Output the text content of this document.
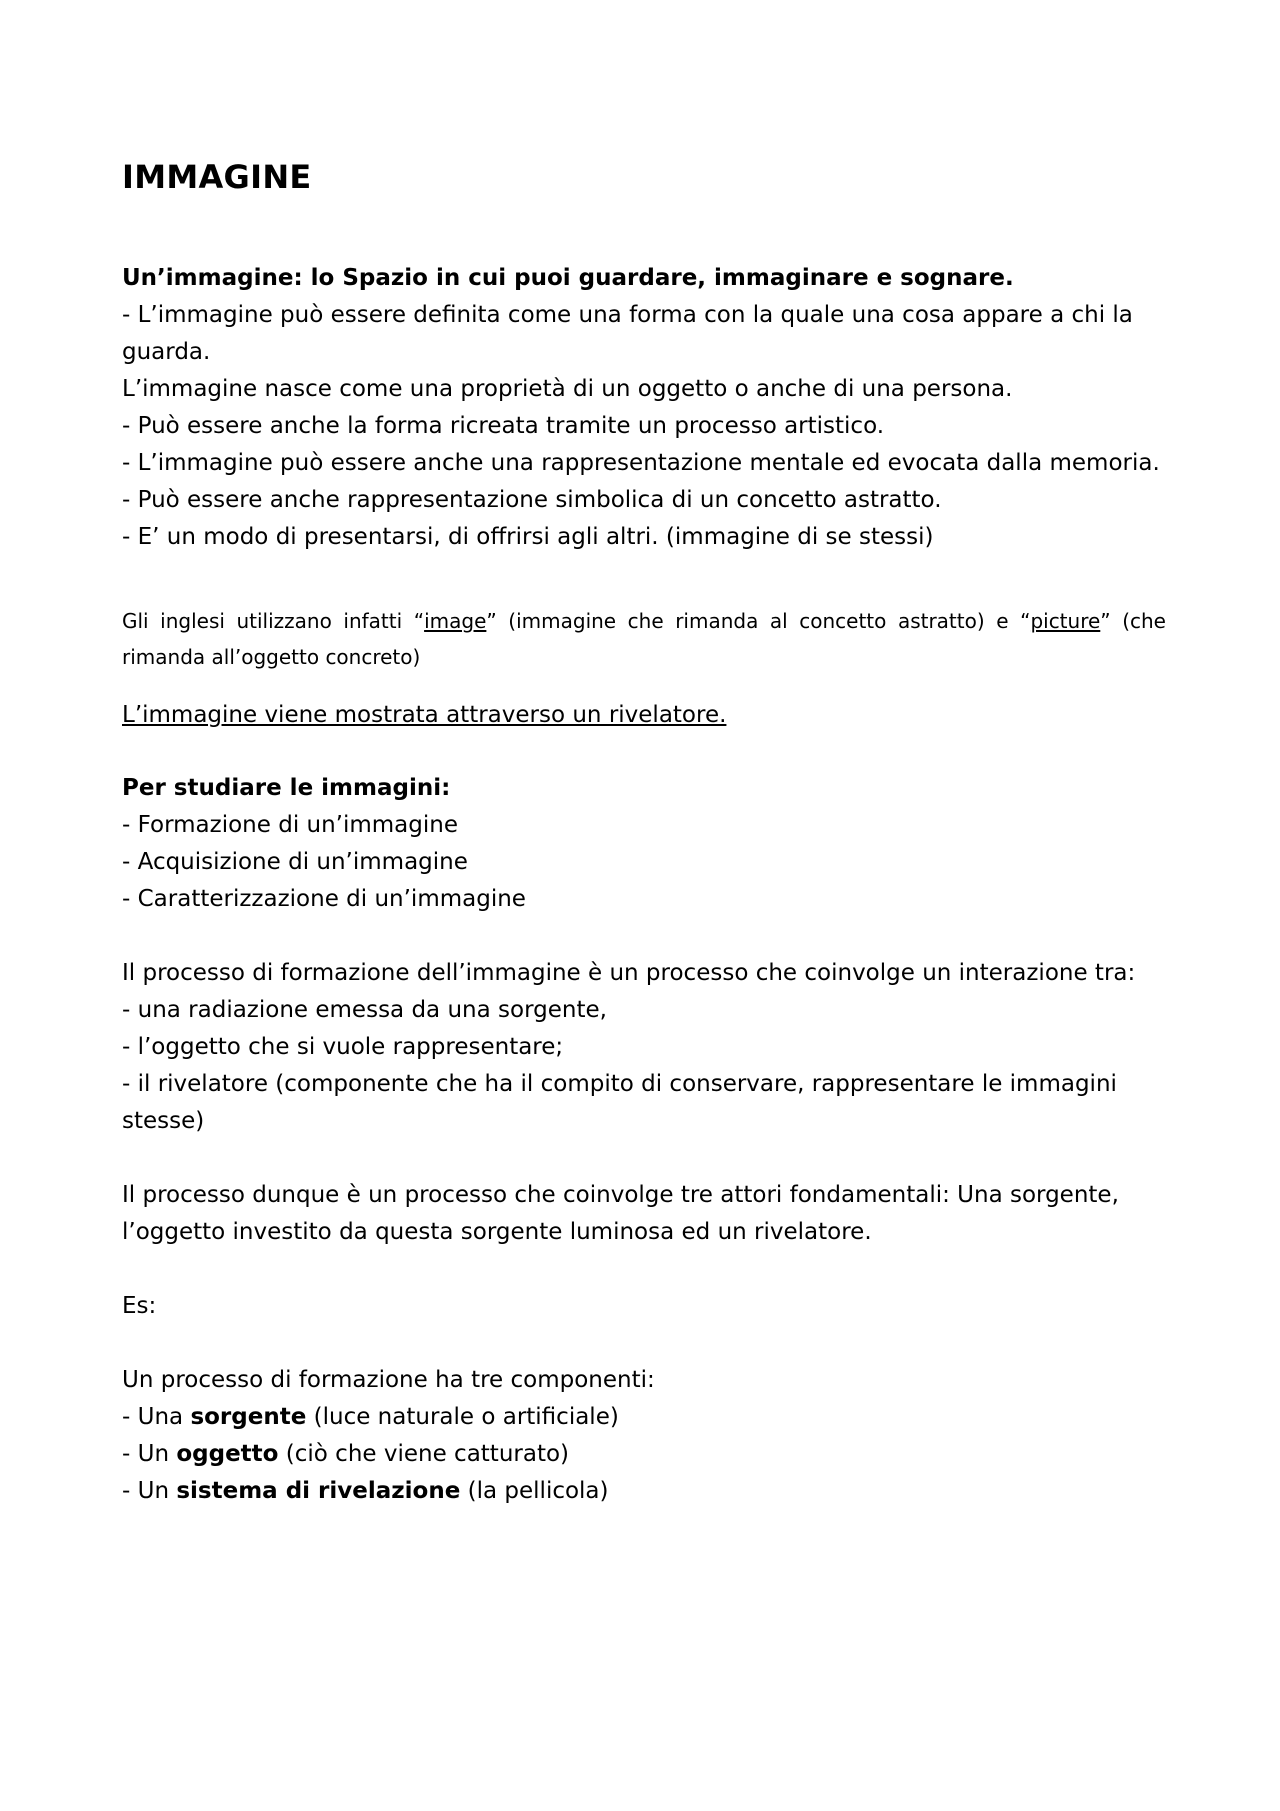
IMMAGINE
Un’immagine: lo Spazio in cui puoi guardare, immaginare e sognare.
- L’immagine può essere definita come una forma con la quale una cosa appare a chi la
guarda.
L’immagine nasce come una proprietà di un oggetto o anche di una persona.
- Può essere anche la forma ricreata tramite un processo artistico.
- L’immagine può essere anche una rappresentazione mentale ed evocata dalla memoria.
- Può essere anche rappresentazione simbolica di un concetto astratto.
- E’ un modo di presentarsi, di offrirsi agli altri. (immagine di se stessi)
Gli inglesi utilizzano infatti “image” (immagine che rimanda al concetto astratto) e “picture” (che
rimanda all’oggetto concreto)
L’immagine viene mostrata attraverso un rivelatore.
Per studiare le immagini:
- Formazione di un’immagine
- Acquisizione di un’immagine
- Caratterizzazione di un’immagine
Il processo di formazione dell’immagine è un processo che coinvolge un interazione tra:
- una radiazione emessa da una sorgente,
- l’oggetto che si vuole rappresentare;
- il rivelatore (componente che ha il compito di conservare, rappresentare le immagini
stesse)
Il processo dunque è un processo che coinvolge tre attori fondamentali: Una sorgente,
l’oggetto investito da questa sorgente luminosa ed un rivelatore.
Es:
Un processo di formazione ha tre componenti:
- Una sorgente (luce naturale o artificiale)
- Un oggetto (ciò che viene catturato)
- Un sistema di rivelazione (la pellicola)
